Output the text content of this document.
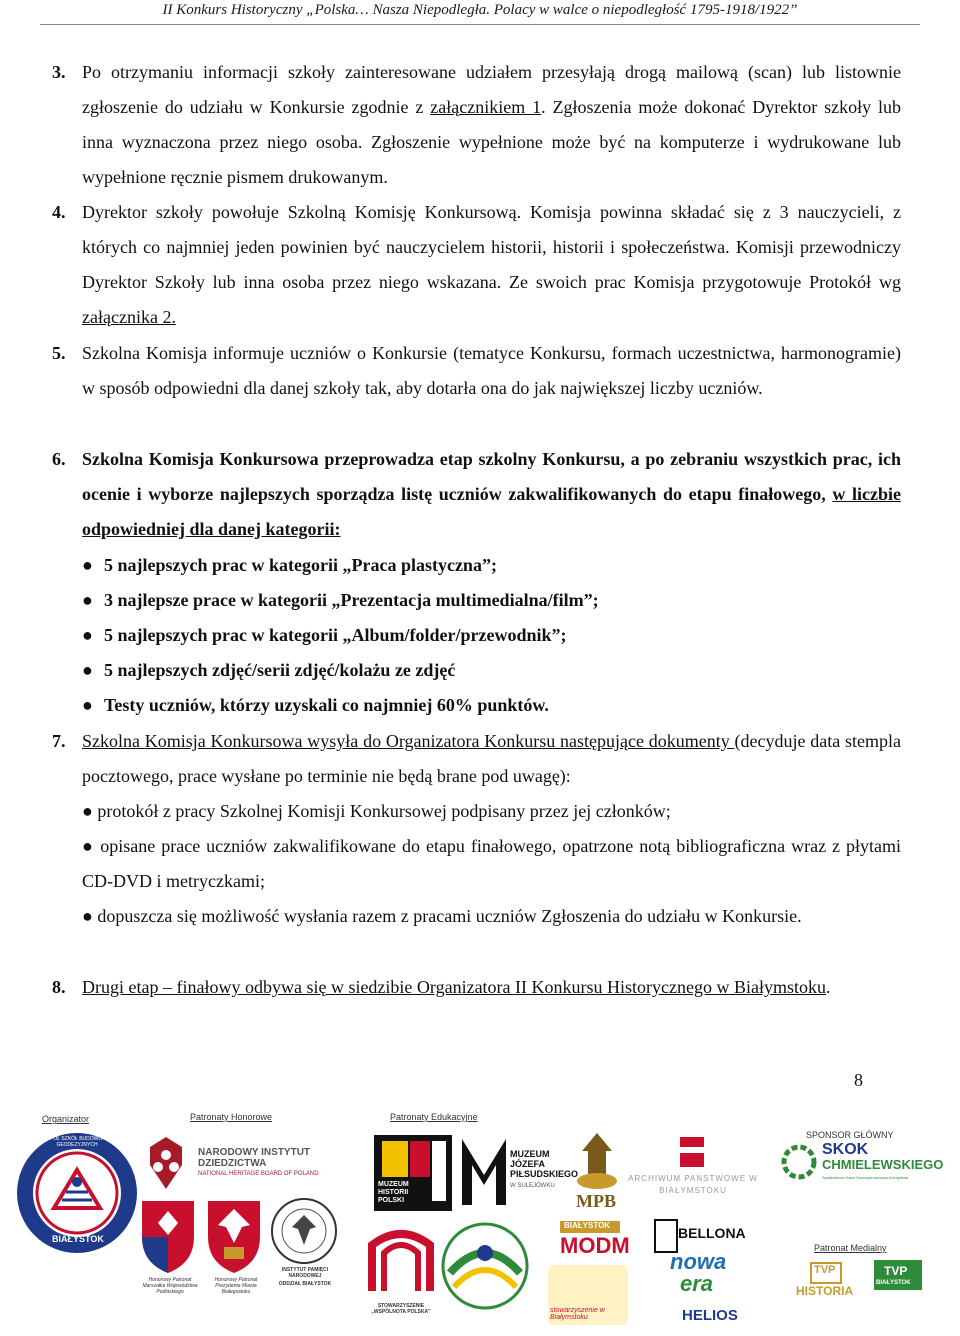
II Konkurs Historyczny „Polska… Nasza Niepodległa. Polacy w walce o niepodległość 1795-1918/1922”
3. Po otrzymaniu informacji szkoły zainteresowane udziałem przesyłają drogą mailową (scan) lub listownie zgłoszenie do udziału w Konkursie zgodnie z załącznikiem 1. Zgłoszenia może dokonać Dyrektor szkoły lub inna wyznaczona przez niego osoba. Zgłoszenie wypełnione może być na komputerze i wydrukowane lub wypełnione ręcznie pismem drukowanym.
4. Dyrektor szkoły powołuje Szkolną Komisję Konkursową. Komisja powinna składać się z 3 nauczycieli, z których co najmniej jeden powinien być nauczycielem historii, historii i społeczeństwa. Komisji przewodniczy Dyrektor Szkoły lub inna osoba przez niego wskazana. Ze swoich prac Komisja przygotowuje Protokół wg załącznika 2.
5. Szkolna Komisja informuje uczniów o Konkursie (tematyce Konkursu, formach uczestnictwa, harmonogramie) w sposób odpowiedni dla danej szkoły tak, aby dotarła ona do jak największej liczby uczniów.
6. Szkolna Komisja Konkursowa przeprowadza etap szkolny Konkursu, a po zebraniu wszystkich prac, ich ocenie i wyborze najlepszych sporządza listę uczniów zakwalifikowanych do etapu finałowego, w liczbie odpowiedniej dla danej kategorii:
● 5 najlepszych prac w kategorii „Praca plastyczna”;
● 3 najlepsze prace w kategorii „Prezentacja multimedialna/film”;
● 5 najlepszych prac w kategorii „Album/folder/przewodnik”;
● 5 najlepszych zdjęć/serii zdjęć/kolażu ze zdjęć
● Testy uczniów, którzy uzyskali co najmniej 60% punktów.
7. Szkolna Komisja Konkursowa wysyła do Organizatora Konkursu następujące dokumenty (decyduje data stempla pocztowego, prace wysłane po terminie nie będą brane pod uwagę):
● protokół z pracy Szkolnej Komisji Konkursowej podpisany przez jej członków;
● opisane prace uczniów zakwalifikowane do etapu finałowego, opatrzone notą bibliograficzna wraz z płytami CD-DVD i metryczkami;
● dopuszcza się możliwość wysłania razem z pracami uczniów Zgłoszenia do udziału w Konkursie.
8. Drugi etap – finałowy odbywa się w siedzibie Organizatora II Konkursu Historycznego w Białymstoku.
8
Organizator	Patronaty Honorowe	Patronaty Edukacyjne
SPONSOR GŁÓWNY
Patronat Medialny
BIAŁYSTOK
ZESPÓŁ SZKÓŁ BUDOWLANO-GEODEZYJNYCH
NARODOWY INSTYTUT DZIEDZICTWA
NATIONAL HERITAGE BOARD OF POLAND
Honorowy Patronat Marszałka Województwa Podlaskiego
Honorowy Patronat Prezydenta Miasta Białegostoku
INSTYTUT PAMIĘCI NARODOWEJ
ODDZIAŁ BIAŁYSTOK
MUZEUM HISTORII POLSKI
MUZEUM JÓZEFA PIŁSUDSKIEGO
W SULEJÓWKU
MPB
ARCHIWUM PAŃSTWOWE W BIAŁYMSTOKU
SKOK
CHMIELEWSKIEGO
Spółdzielcza Kasa Oszczędnościowo-Kredytowa
STOWARZYSZENIE „WSPÓLNOTA POLSKA”
BIAŁYSTOK
MODM
stowarzyszenie w Białymstoku
BELLONA
nowa
era
HELIOS
TVP
HISTORIA
TVP
BIAŁYSTOK
